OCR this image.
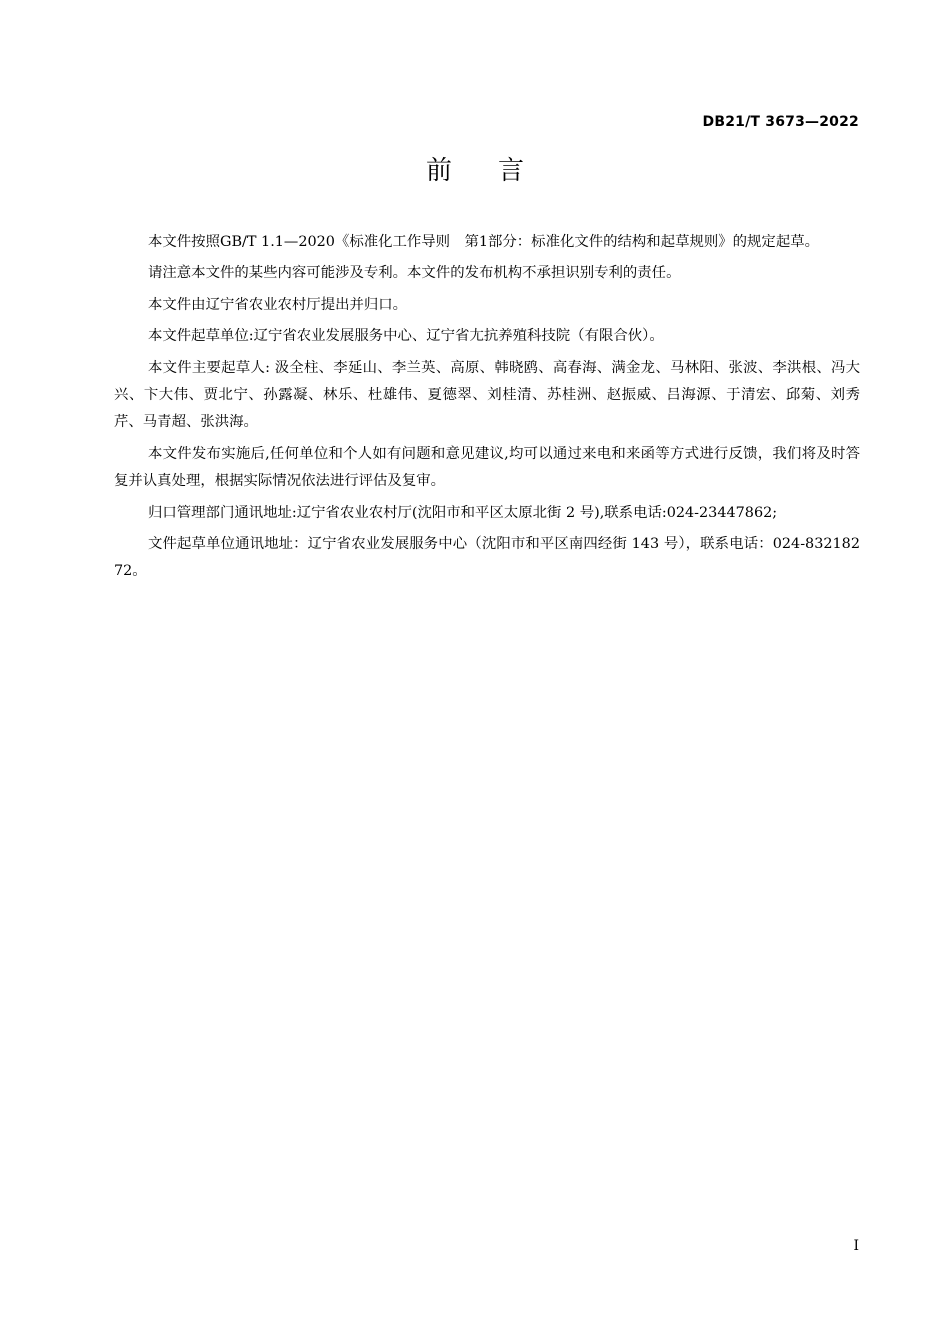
DB21/T 3673—2022
前 言

本文件按照GB/T 1.1—2020《标准化工作导则　第1部分：标准化文件的结构和起草规则》的规定起草。

请注意本文件的某些内容可能涉及专利。本文件的发布机构不承担识别专利的责任。

本文件由辽宁省农业农村厅提出并归口。

本文件起草单位:辽宁省农业发展服务中心、辽宁省尢抗养殖科技院（有限合伙）。

本文件主要起草人: 汲全柱、李延山、李兰英、高原、韩晓鸥、高春海、满金龙、马林阳、张波、李洪根、冯大兴、卞大伟、贾北宁、孙露凝、林乐、杜雄伟、夏德翠、刘桂清、苏桂洲、赵振威、吕海源、于清宏、邱菊、刘秀芹、马青超、张洪海。

本文件发布实施后,任何单位和个人如有问题和意见建议,均可以通过来电和来函等方式进行反馈，我们将及时答复并认真处理，根据实际情况依法进行评估及复审。

归口管理部门通讯地址:辽宁省农业农村厅(沈阳市和平区太原北街 2 号),联系电话:024-23447862;

文件起草单位通讯地址：辽宁省农业发展服务中心（沈阳市和平区南四经街 143 号），联系电话：024-83218272。

I
